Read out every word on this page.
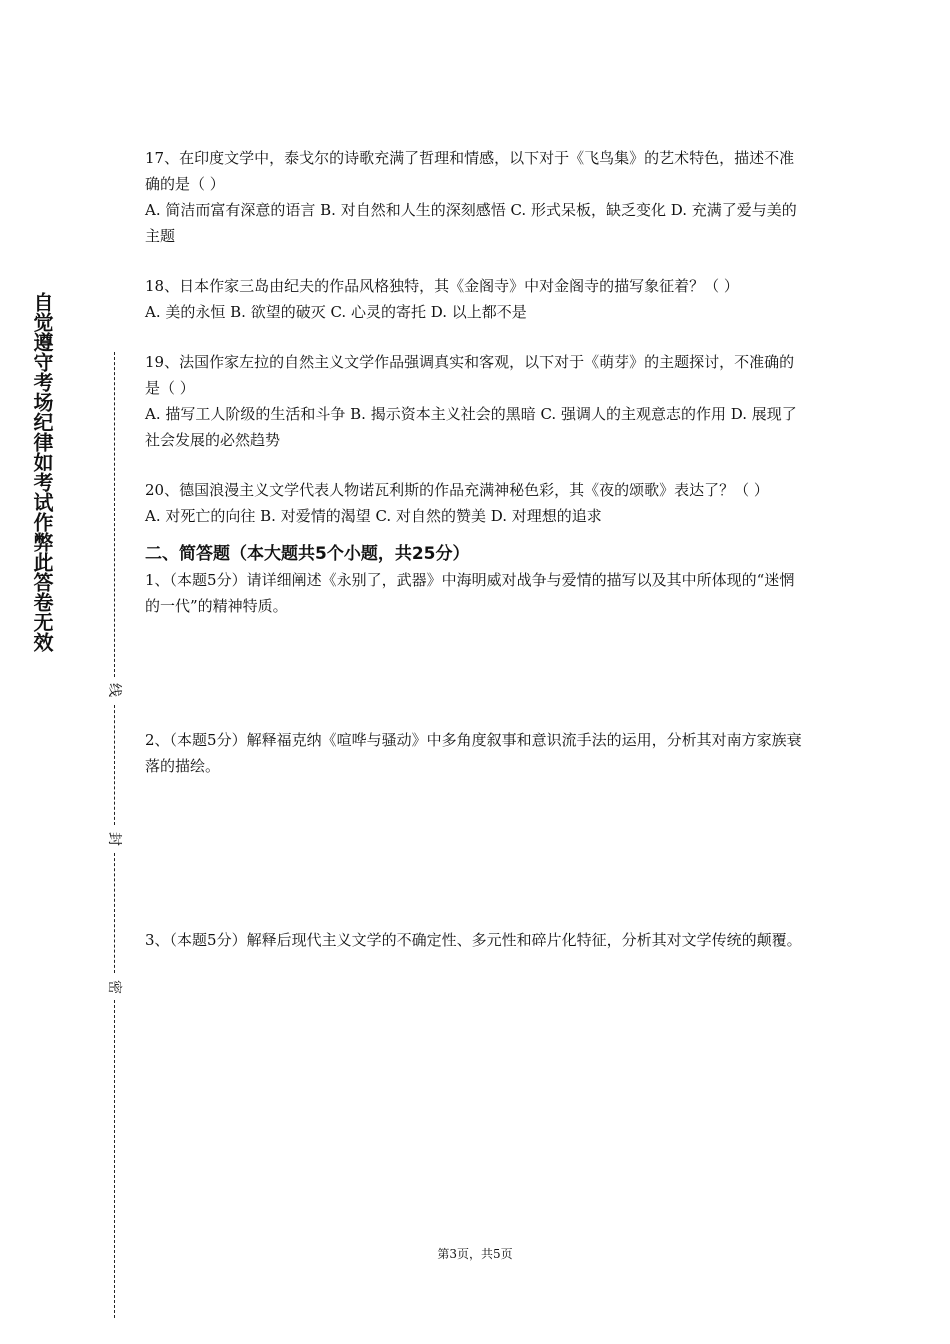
自觉遵守考场纪律如考试作弊此答卷无效
线
封
密

17、在印度文学中，泰戈尔的诗歌充满了哲理和情感，以下对于《飞鸟集》的艺术特色，描述不准确的是（ ）

A. 简洁而富有深意的语言 B. 对自然和人生的深刻感悟 C. 形式呆板，缺乏变化 D. 充满了爱与美的主题

18、日本作家三岛由纪夫的作品风格独特，其《金阁寺》中对金阁寺的描写象征着？（ ）

A. 美的永恒 B. 欲望的破灭 C. 心灵的寄托 D. 以上都不是

19、法国作家左拉的自然主义文学作品强调真实和客观，以下对于《萌芽》的主题探讨，不准确的是（ ）

A. 描写工人阶级的生活和斗争 B. 揭示资本主义社会的黑暗 C. 强调人的主观意志的作用 D. 展现了社会发展的必然趋势

20、德国浪漫主义文学代表人物诺瓦利斯的作品充满神秘色彩，其《夜的颂歌》表达了？（ ）

A. 对死亡的向往 B. 对爱情的渴望 C. 对自然的赞美 D. 对理想的追求

二、简答题（本大题共5个小题，共25分）

1、（本题5分）请详细阐述《永别了，武器》中海明威对战争与爱情的描写以及其中所体现的“迷惘的一代”的精神特质。

2、（本题5分）解释福克纳《喧哗与骚动》中多角度叙事和意识流手法的运用，分析其对南方家族衰落的描绘。

3、（本题5分）解释后现代主义文学的不确定性、多元性和碎片化特征，分析其对文学传统的颠覆。

第3页，共5页
